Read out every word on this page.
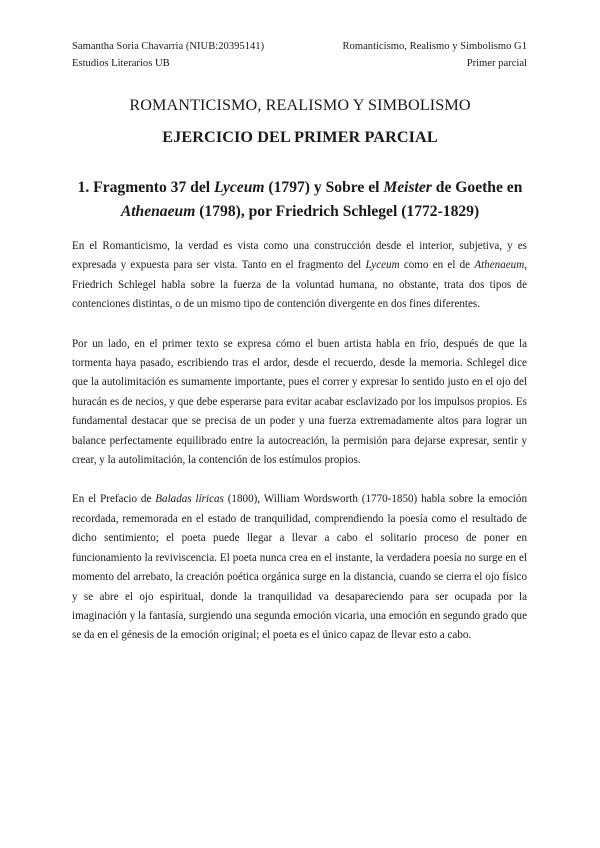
Samantha Soria Chavarria (NIUB:20395141)
Estudios Literarios UB
Romanticismo, Realismo y Simbolismo G1
Primer parcial
ROMANTICISMO, REALISMO Y SIMBOLISMO
EJERCICIO DEL PRIMER PARCIAL
1. Fragmento 37 del Lyceum (1797) y Sobre el Meister de Goethe en Athenaeum (1798), por Friedrich Schlegel (1772-1829)

En el Romanticismo, la verdad es vista como una construcción desde el interior, subjetiva, y es expresada y expuesta para ser vista. Tanto en el fragmento del Lyceum como en el de Athenaeum, Friedrich Schlegel habla sobre la fuerza de la voluntad humana, no obstante, trata dos tipos de contenciones distintas, o de un mismo tipo de contención divergente en dos fines diferentes.

Por un lado, en el primer texto se expresa cómo el buen artista habla en frío, después de que la tormenta haya pasado, escribiendo tras el ardor, desde el recuerdo, desde la memoria. Schlegel dice que la autolimitación es sumamente importante, pues el correr y expresar lo sentido justo en el ojo del huracán es de necios, y que debe esperarse para evitar acabar esclavizado por los impulsos propios. Es fundamental destacar que se precisa de un poder y una fuerza extremadamente altos para lograr un balance perfectamente equilibrado entre la autocreación, la permisión para dejarse expresar, sentir y crear, y la autolimitación, la contención de los estímulos propios.

En el Prefacio de Baladas líricas (1800), William Wordsworth (1770-1850) habla sobre la emoción recordada, rememorada en el estado de tranquilidad, comprendiendo la poesía como el resultado de dicho sentimiento; el poeta puede llegar a llevar a cabo el solitario proceso de poner en funcionamiento la reviviscencia. El poeta nunca crea en el instante, la verdadera poesía no surge en el momento del arrebato, la creación poética orgánica surge en la distancia, cuando se cierra el ojo físico y se abre el ojo espiritual, donde la tranquilidad va desapareciendo para ser ocupada por la imaginación y la fantasía, surgiendo una segunda emoción vicaria, una emoción en segundo grado que se da en el génesis de la emoción original; el poeta es el único capaz de llevar esto a cabo.
